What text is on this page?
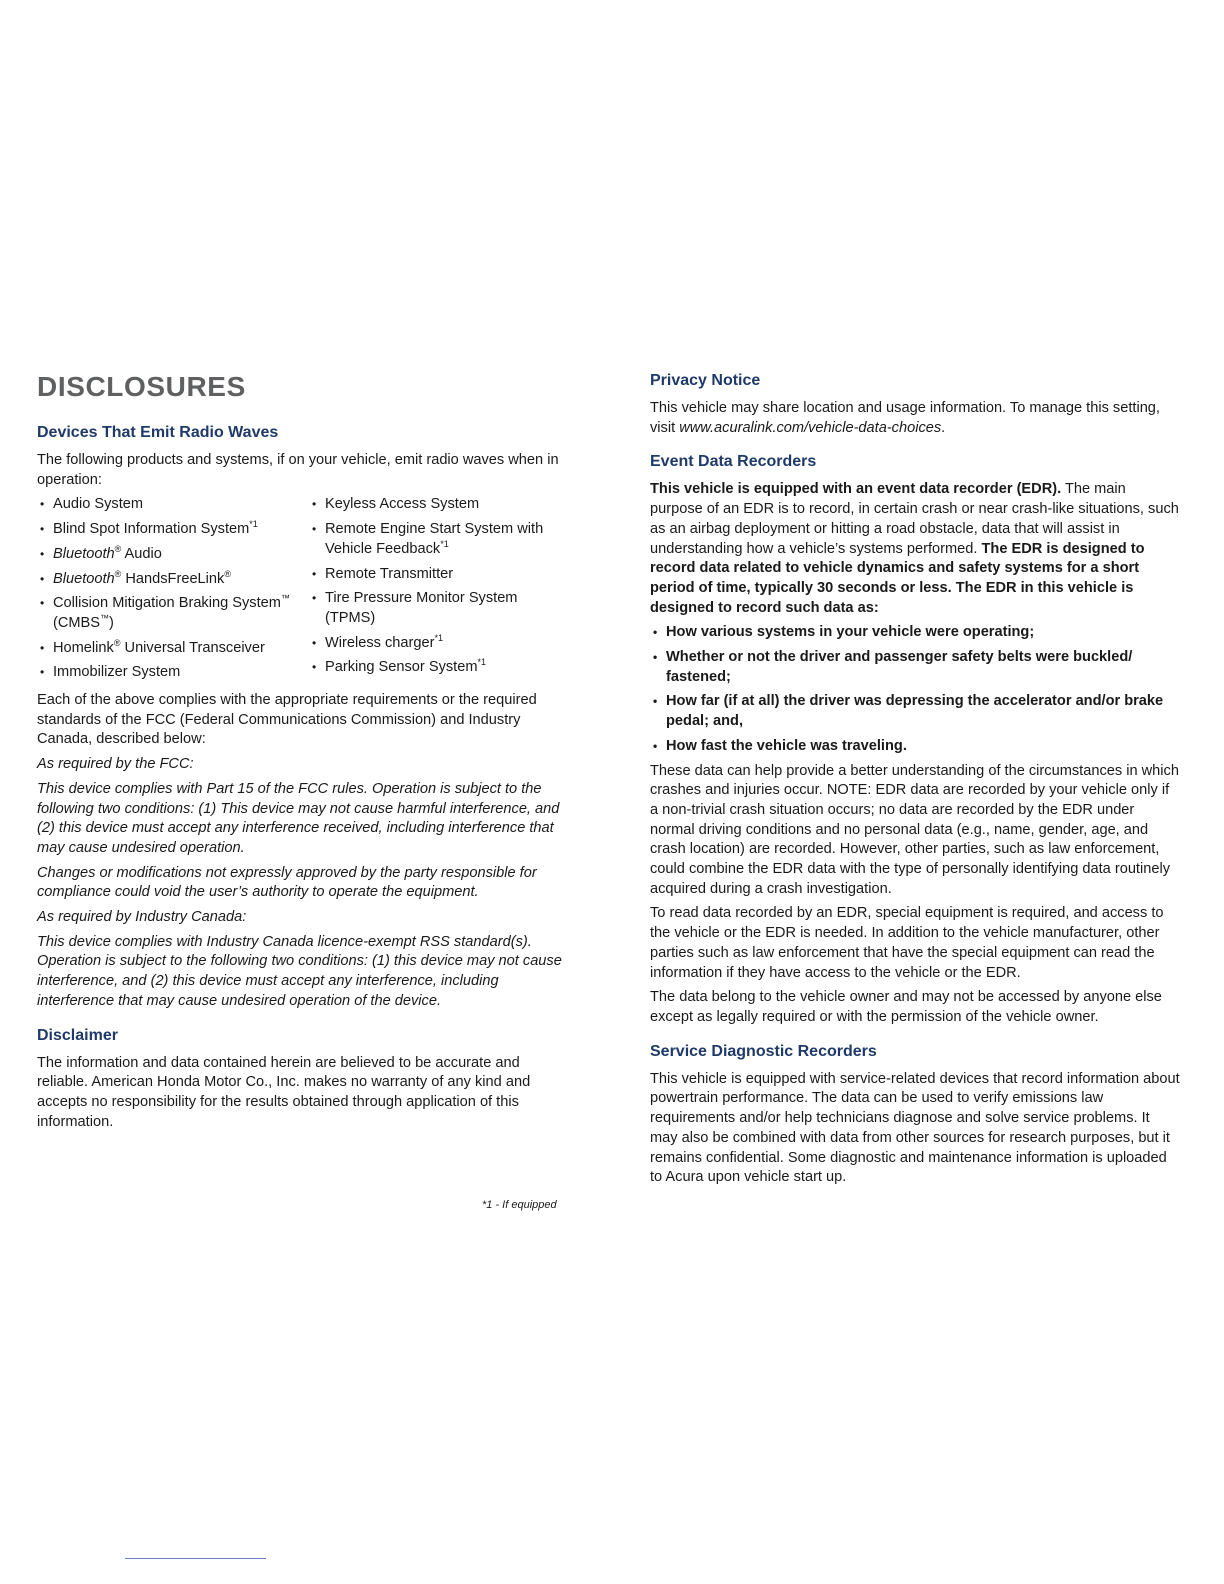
DISCLOSURES
Devices That Emit Radio Waves

The following products and systems, if on your vehicle, emit radio waves when in operation:

• Audio System
• Blind Spot Information System$^{*1}$
• Bluetooth® Audio
• Bluetooth® HandsFreeLink®
• Collision Mitigation Braking System™ (CMBS™)
• Homelink® Universal Transceiver
• Immobilizer System
• Keyless Access System
• Remote Engine Start System with Vehicle Feedback$^{*1}$
• Remote Transmitter
• Tire Pressure Monitor System (TPMS)
• Wireless charger$^{*1}$
• Parking Sensor System$^{*1}$

Each of the above complies with the appropriate requirements or the required standards of the FCC (Federal Communications Commission) and Industry Canada, described below:

As required by the FCC:

This device complies with Part 15 of the FCC rules. Operation is subject to the following two conditions: (1) This device may not cause harmful interference, and (2) this device must accept any interference received, including interference that may cause undesired operation.

Changes or modifications not expressly approved by the party responsible for compliance could void the user’s authority to operate the equipment.

As required by Industry Canada:

This device complies with Industry Canada licence-exempt RSS standard(s). Operation is subject to the following two conditions: (1) this device may not cause interference, and (2) this device must accept any interference, including interference that may cause undesired operation of the device.

Disclaimer

The information and data contained herein are believed to be accurate and reliable. American Honda Motor Co., Inc. makes no warranty of any kind and accepts no responsibility for the results obtained through application of this information.

*1 - If equipped
Privacy Notice

This vehicle may share location and usage information. To manage this setting, visit www.acuralink.com/vehicle-data-choices.

Event Data Recorders

This vehicle is equipped with an event data recorder (EDR). The main purpose of an EDR is to record, in certain crash or near crash-like situations, such as an airbag deployment or hitting a road obstacle, data that will assist in understanding how a vehicle’s systems performed. The EDR is designed to record data related to vehicle dynamics and safety systems for a short period of time, typically 30 seconds or less. The EDR in this vehicle is designed to record such data as:

• How various systems in your vehicle were operating;
• Whether or not the driver and passenger safety belts were buckled/ fastened;
• How far (if at all) the driver was depressing the accelerator and/or brake pedal; and,
• How fast the vehicle was traveling.

These data can help provide a better understanding of the circumstances in which crashes and injuries occur. NOTE: EDR data are recorded by your vehicle only if a non-trivial crash situation occurs; no data are recorded by the EDR under normal driving conditions and no personal data (e.g., name, gender, age, and crash location) are recorded. However, other parties, such as law enforcement, could combine the EDR data with the type of personally identifying data routinely acquired during a crash investigation.

To read data recorded by an EDR, special equipment is required, and access to the vehicle or the EDR is needed. In addition to the vehicle manufacturer, other parties such as law enforcement that have the special equipment can read the information if they have access to the vehicle or the EDR.

The data belong to the vehicle owner and may not be accessed by anyone else except as legally required or with the permission of the vehicle owner.

Service Diagnostic Recorders

This vehicle is equipped with service-related devices that record information about powertrain performance. The data can be used to verify emissions law requirements and/or help technicians diagnose and solve service problems. It may also be combined with data from other sources for research purposes, but it remains confidential. Some diagnostic and maintenance information is uploaded to Acura upon vehicle start up.
